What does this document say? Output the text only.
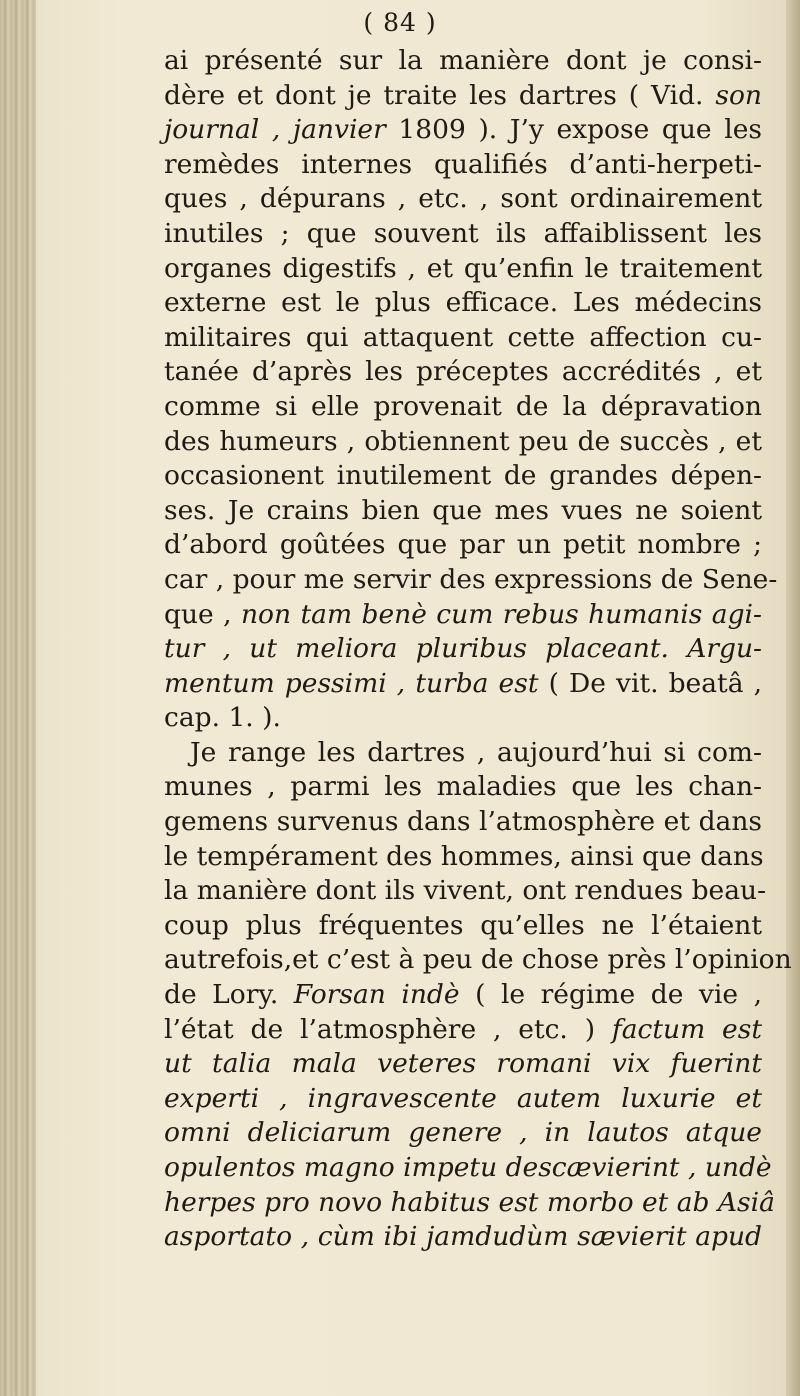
( 84 )
ai présenté sur la manière dont je consi-
dère et dont je traite les dartres ( Vid. son
journal , janvier 1809 ). J’y expose que les
remèdes internes qualifiés d’anti-herpeti-
ques , dépurans , etc. , sont ordinairement
inutiles ; que souvent ils affaiblissent les
organes digestifs , et qu’enfin le traitement
externe est le plus efficace. Les médecins
militaires qui attaquent cette affection cu-
tanée d’après les préceptes accrédités , et
comme si elle provenait de la dépravation
des humeurs , obtiennent peu de succès , et
occasionent inutilement de grandes dépen-
ses. Je crains bien que mes vues ne soient
d’abord goûtées que par un petit nombre ;
car , pour me servir des expressions de Sene-
que , non tam benè cum rebus humanis agi-
tur , ut meliora pluribus placeant. Argu-
mentum pessimi , turba est ( De vit. beatâ ,
cap. 1. ).
Je range les dartres , aujourd’hui si com-
munes , parmi les maladies que les chan-
gemens survenus dans l’atmosphère et dans
le tempérament des hommes, ainsi que dans
la manière dont ils vivent, ont rendues beau-
coup plus fréquentes qu’elles ne l’étaient
autrefois,et c’est à peu de chose près l’opinion
de Lory. Forsan indè ( le régime de vie ,
l’état de l’atmosphère , etc. ) factum est
ut talia mala veteres romani vix fuerint
experti , ingravescente autem luxurie et
omni deliciarum genere , in lautos atque
opulentos magno impetu descævierint , undè
herpes pro novo habitus est morbo et ab Asiâ
asportato , cùm ibi jamdudùm sævierit apud
